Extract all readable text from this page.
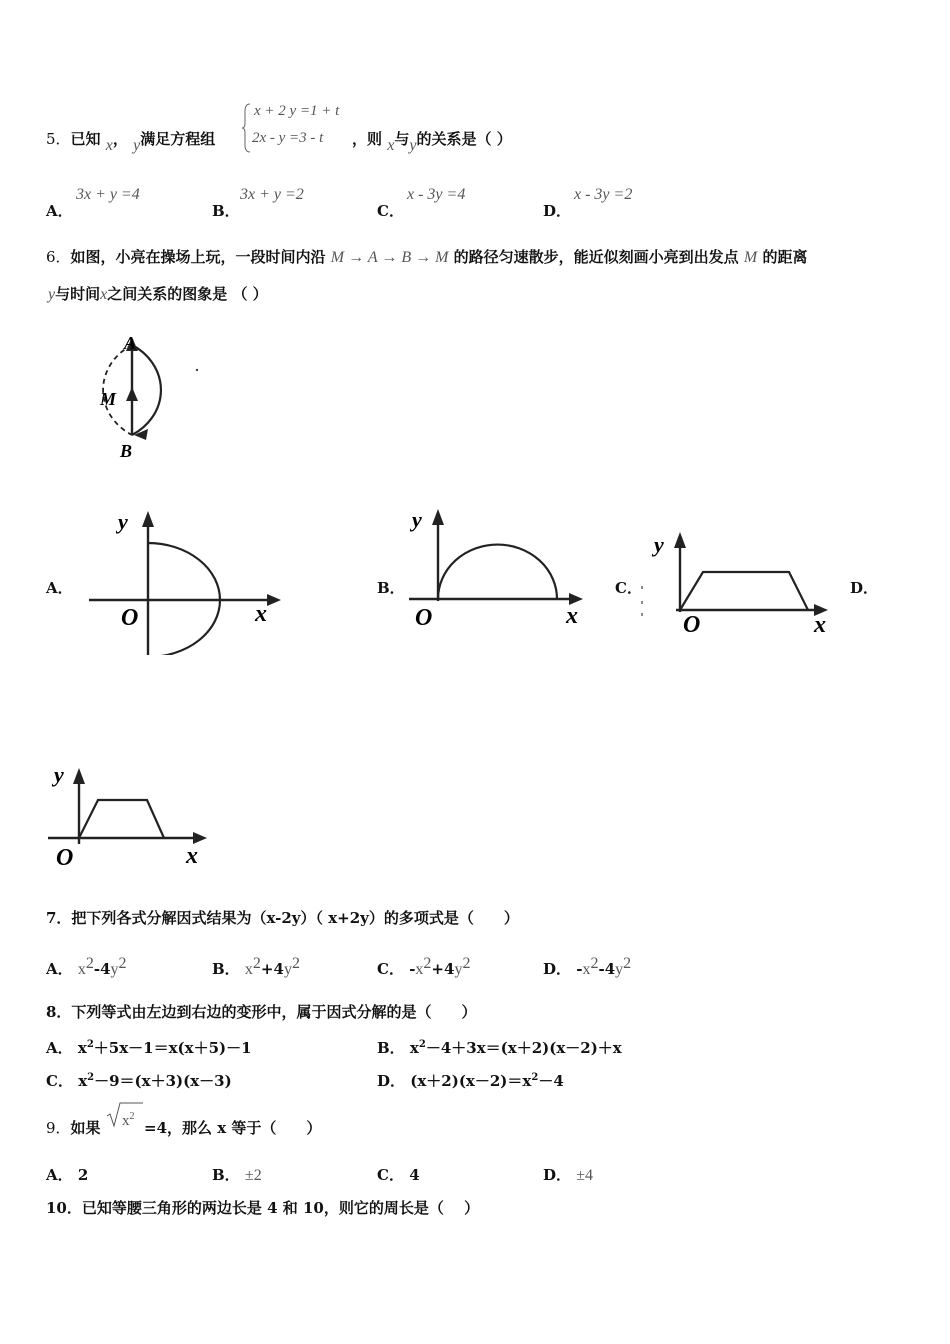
5．已知 x， y满足方程组
x + 2 y =1 + t
2x - y =3 - t ，则 x与y的关系是（ ）
A．
3x + y =4
B．
3x + y =2
C．
x - 3y =4
D．
x - 3y =2
6．如图，小亮在操场上玩，一段时间内沿 M → A → B → M 的路径匀速散步，能近似刻画小亮到出发点 M 的距离
y与时间x之间关系的图象是 （ ）
A
M
B
A．
y
x
O
B．
y
x
O
C．
y
x
O
D．
y
x
O
7．把下列各式分解因式结果为（x-2y）（ x+2y）的多项式是（　　）
A． $x^2-4y^2$	B． $x^2+4y^2$	C． $-x^2+4y^2$	D． $-x^2-4y^2$
8．下列等式由左边到右边的变形中，属于因式分解的是（　　）
A． $x^2+5x-1=x(x+5)-1$	B． $x^2-4+3x=(x+2)(x-2)+x$
C． $x^2-9=(x+3)(x-3)$	D． $(x+2)(x-2)=x^2-4$
9．如果 $x^2$
=4，那么 x 等于（　　）
A． 2	B． ±2	C． 4	D． ±4
10．已知等腰三角形的两边长是 4 和 10，则它的周长是（　 ）
